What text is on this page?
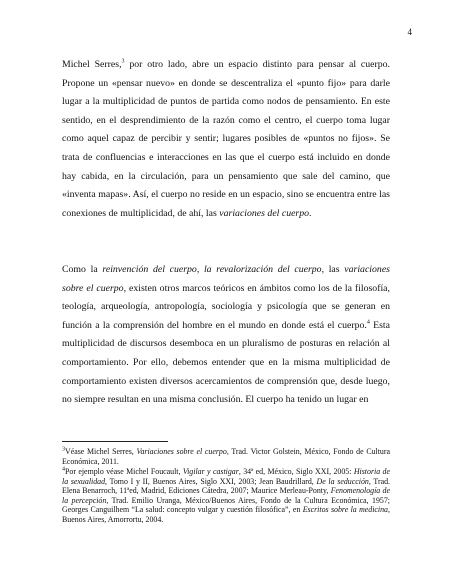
4

Michel Serres,$^3$ por otro lado, abre un espacio distinto para pensar al cuerpo. Propone un «pensar nuevo» en donde se descentraliza el «punto fijo» para darle lugar a la multiplicidad de puntos de partida como nodos de pensamiento. En este sentido, en el desprendimiento de la razón como el centro, el cuerpo toma lugar como aquel capaz de percibir y sentir; lugares posibles de «puntos no fijos». Se trata de confluencias e interacciones en las que el cuerpo está incluido en donde hay cabida, en la circulación, para un pensamiento que sale del camino, que «inventa mapas». Así, el cuerpo no reside en un espacio, sino se encuentra entre las conexiones de multiplicidad, de ahí, las variaciones del cuerpo.

Como la reinvención del cuerpo, la revalorización del cuerpo, las variaciones sobre el cuerpo, existen otros marcos teóricos en ámbitos como los de la filosofía, teología, arqueología, antropología, sociología y psicología que se generan en función a la comprensión del hombre en el mundo en donde está el cuerpo.$^4$ Esta multiplicidad de discursos desemboca en un pluralismo de posturas en relación al comportamiento. Por ello, debemos entender que en la misma multiplicidad de comportamiento existen diversos acercamientos de comprensión que, desde luego, no siempre resultan en una misma conclusión. El cuerpo ha tenido un lugar en

$^3$Véase Michel Serres, Variaciones sobre el cuerpo, Trad. Victor Golstein, México, Fondo de Cultura Económica, 2011.

$^4$Por ejemplo véase Michel Foucault, Vigilar y castigar, 34ª ed, México, Siglo XXI, 2005: Historia de la sexualidad, Tomo I y II, Buenos Aires, Siglo XXI, 2003; Jean Baudrillard, De la seducción, Trad. Elena Benarroch, 11ªed, Madrid, Ediciones Cátedra, 2007; Maurice Merleau-Ponty, Fenomenología de la percepción, Trad. Emilio Uranga, México/Buenos Aires, Fondo de la Cultura Económica, 1957; Georges Canguilhem “La salud: concepto vulgar y cuestión filosófica”, en Escritos sobre la medicina, Buenos Aires, Amorrortu, 2004.
